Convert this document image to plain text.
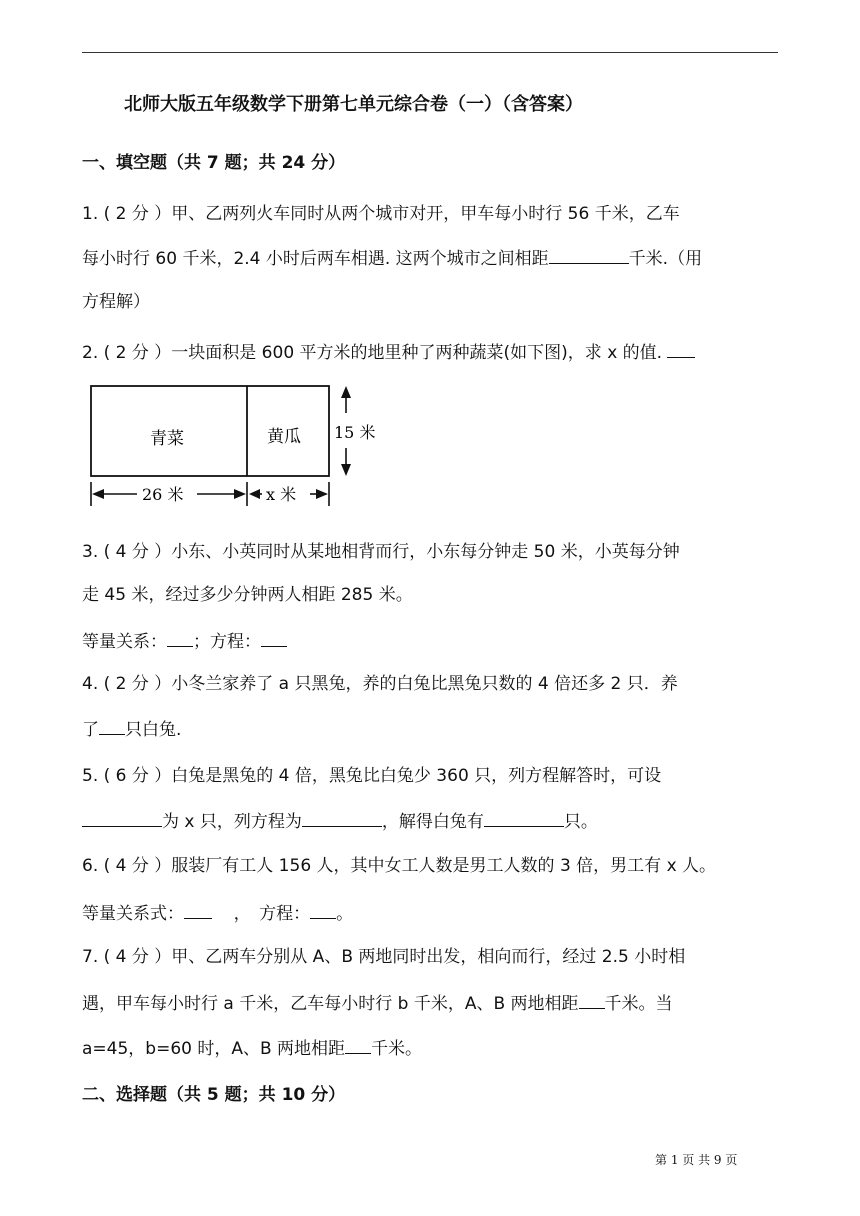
北师大版五年级数学下册第七单元综合卷（一）（含答案）
一、填空题（共 7 题；共 24 分）
1. ( 2 分 ）甲、乙两列火车同时从两个城市对开，甲车每小时行 56 千米，乙车
每小时行 60 千米，2.4 小时后两车相遇. 这两个城市之间相距	千米.（用
方程解）
2. ( 2 分 ）一块面积是 600 平方米的地里种了两种蔬菜(如下图)，求 x 的值.
青菜	黄瓜 15 米
26 米	x 米
3. ( 4 分 ）小东、小英同时从某地相背而行，小东每分钟走 50 米，小英每分钟
走 45 米，经过多少分钟两人相距 285 米。
等量关系： ；方程：
4. ( 2 分 ）小冬兰家养了 a 只黑兔，养的白兔比黑兔只数的 4 倍还多 2 只．养
了 只白兔.
5. ( 6 分 ）白兔是黑兔的 4 倍，黑兔比白兔少 360 只，列方程解答时，可设
为 x 只，列方程为	，解得白兔有	只。
6. ( 4 分 ）服装厂有工人 156 人，其中女工人数是男工人数的 3 倍，男工有 x 人。
等量关系式：	，　方程： 。
7. ( 4 分 ）甲、乙两车分别从 A、B 两地同时出发，相向而行，经过 2.5 小时相
遇，甲车每小时行 a 千米，乙车每小时行 b 千米，A、B 两地相距 千米。当
a=45，b=60 时，A、B 两地相距 千米。
二、选择题（共 5 题；共 10 分）
第 1 页 共 9 页
